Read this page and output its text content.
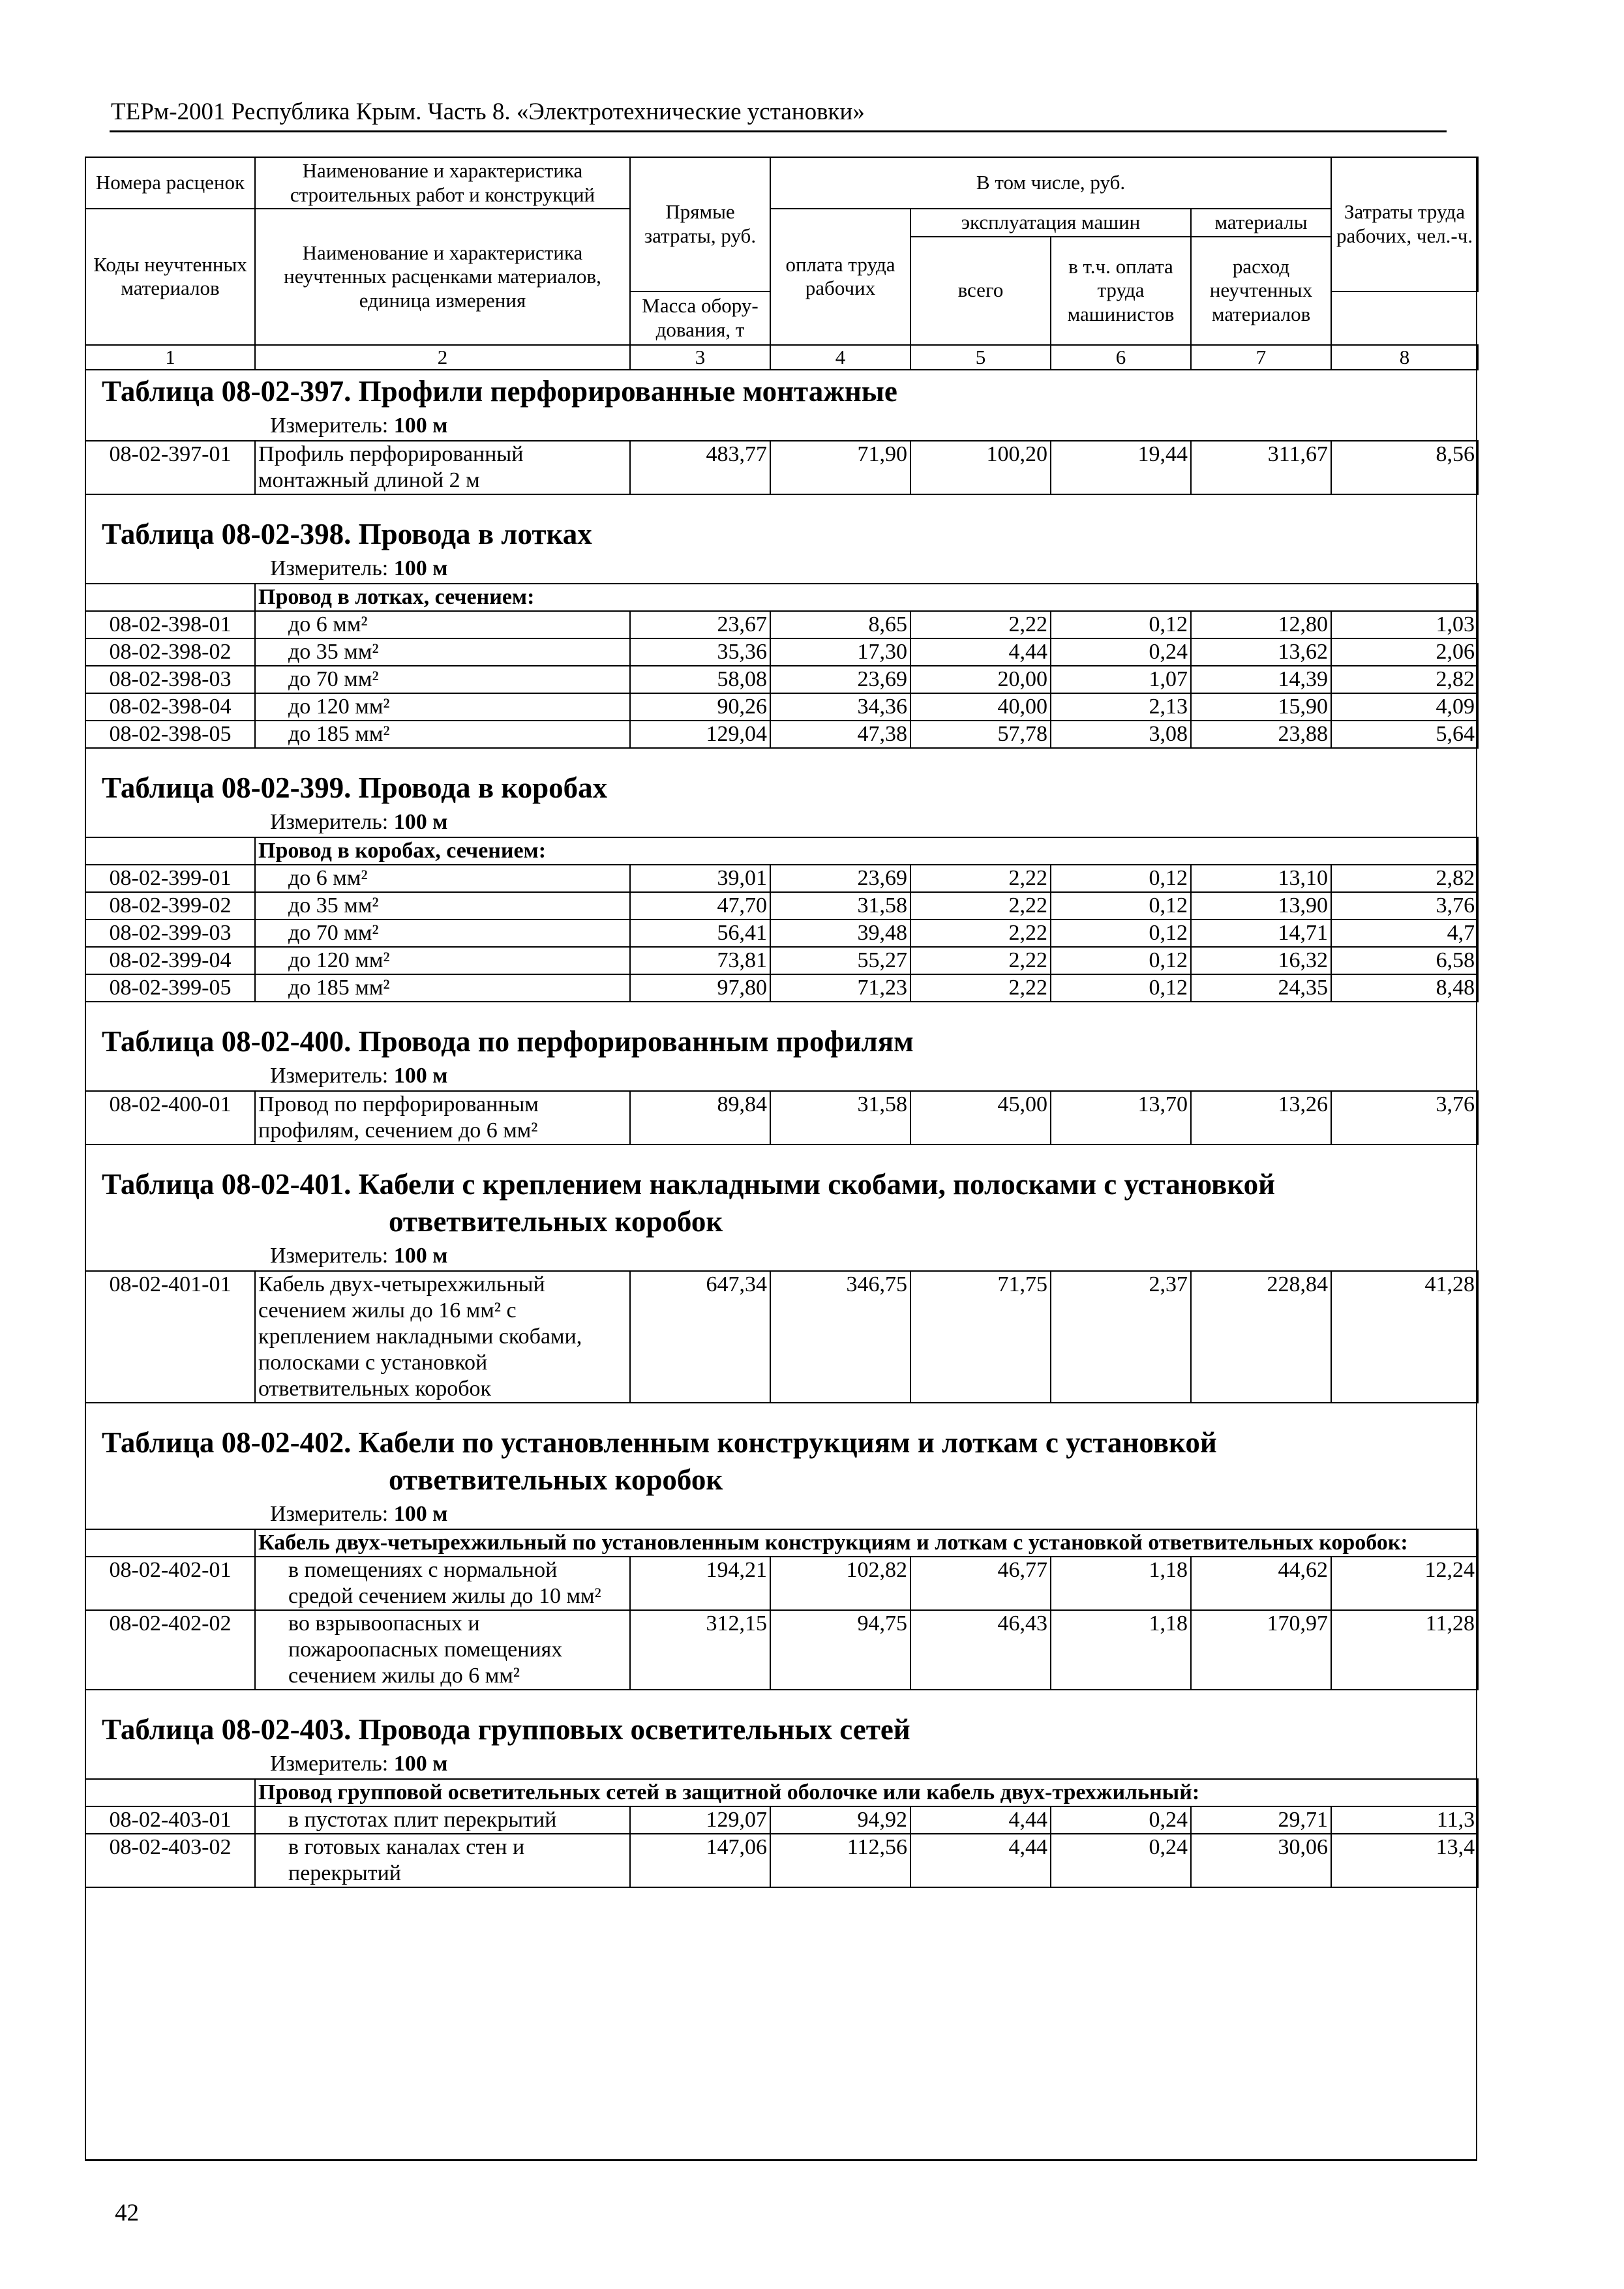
ТЕРм-2001 Республика Крым. Часть 8. «Электротехнические установки»
Номера расценок	Наименование и характеристика строительных работ и конструкций	Прямые затраты, руб.	В том числе, руб.				Затраты труда рабочих, чел.-ч.
Коды неучтенных материалов	Наименование и характеристика неучтенных расценками материалов, единица измерения		оплата труда рабочих	эксплуатация машин		материалы	
				всего	в т.ч. оплата труда машинистов	расход неучтенных материалов	
		Масса обору-дования, т					
1	2	3	4	5	6	7	8
Таблица 08-02-397. Профили перфорированные монтажные
Измеритель: 100 м
08-02-397-01	Профиль перфорированный монтажный длиной 2 м	483,77	71,90	100,20	19,44	311,67	8,56
Таблица 08-02-398. Провода в лотках
Измеритель: 100 м
	Провод в лотках, сечением:						
08-02-398-01	до 6 мм²	23,67	8,65	2,22	0,12	12,80	1,03
08-02-398-02	до 35 мм²	35,36	17,30	4,44	0,24	13,62	2,06
08-02-398-03	до 70 мм²	58,08	23,69	20,00	1,07	14,39	2,82
08-02-398-04	до 120 мм²	90,26	34,36	40,00	2,13	15,90	4,09
08-02-398-05	до 185 мм²	129,04	47,38	57,78	3,08	23,88	5,64
Таблица 08-02-399. Провода в коробах
Измеритель: 100 м
	Провод в коробах, сечением:						
08-02-399-01	до 6 мм²	39,01	23,69	2,22	0,12	13,10	2,82
08-02-399-02	до 35 мм²	47,70	31,58	2,22	0,12	13,90	3,76
08-02-399-03	до 70 мм²	56,41	39,48	2,22	0,12	14,71	4,7
08-02-399-04	до 120 мм²	73,81	55,27	2,22	0,12	16,32	6,58
08-02-399-05	до 185 мм²	97,80	71,23	2,22	0,12	24,35	8,48
Таблица 08-02-400. Провода по перфорированным профилям
Измеритель: 100 м
08-02-400-01	Провод по перфорированным профилям, сечением до 6 мм²	89,84	31,58	45,00	13,70	13,26	3,76
Таблица 08-02-401. Кабели с креплением накладными скобами, полосками с установкой
ответвительных коробок
Измеритель: 100 м
08-02-401-01	Кабель двух-четырехжильный сечением жилы до 16 мм² с креплением накладными скобами, полосками с установкой ответвительных коробок	647,34	346,75	71,75	2,37	228,84	41,28
Таблица 08-02-402. Кабели по установленным конструкциям и лоткам с установкой
ответвительных коробок
Измеритель: 100 м
	Кабель двух-четырехжильный по установленным конструкциям и лоткам с установкой ответвительных коробок:						
08-02-402-01	в помещениях с нормальной средой сечением жилы до 10 мм²	194,21	102,82	46,77	1,18	44,62	12,24
08-02-402-02	во взрывоопасных и пожароопасных помещениях сечением жилы до 6 мм²	312,15	94,75	46,43	1,18	170,97	11,28
Таблица 08-02-403. Провода групповых осветительных сетей
Измеритель: 100 м
	Провод групповой осветительных сетей в защитной оболочке или кабель двух-трехжильный:						
08-02-403-01	в пустотах плит перекрытий	129,07	94,92	4,44	0,24	29,71	11,3
08-02-403-02	в готовых каналах стен и перекрытий	147,06	112,56	4,44	0,24	30,06	13,4
42
